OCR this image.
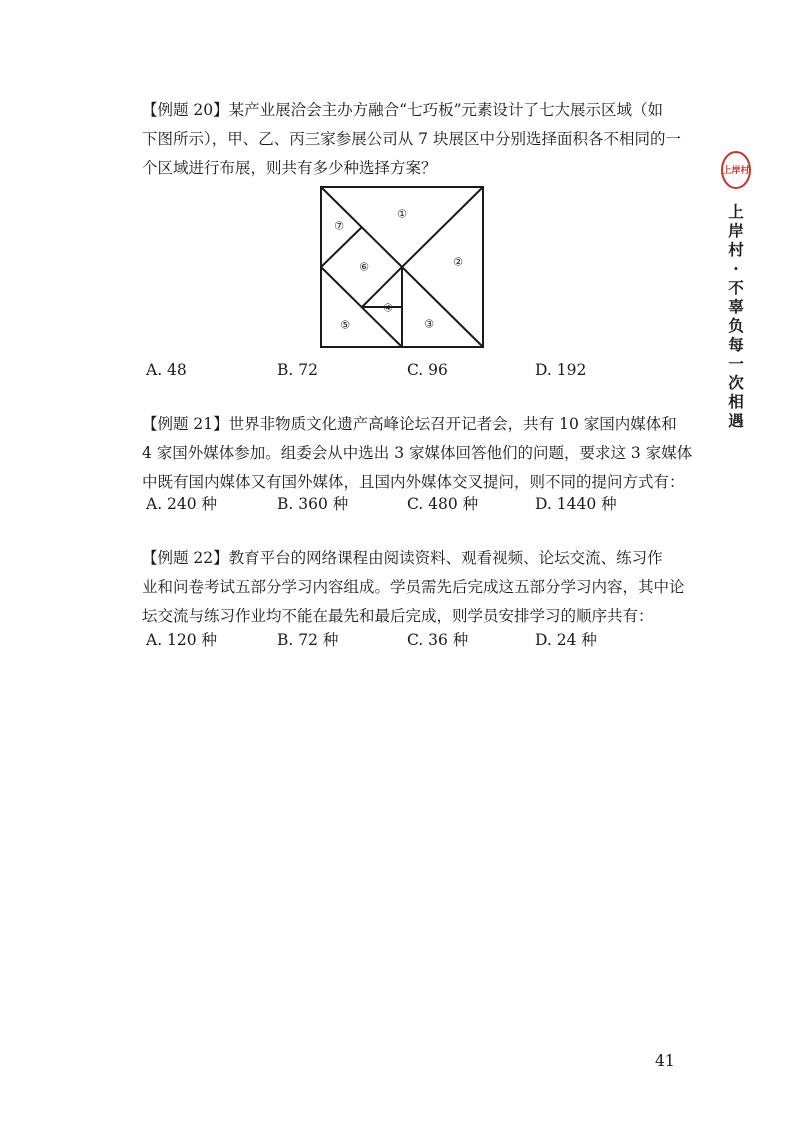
【例题 20】某产业展洽会主办方融合“七巧板”元素设计了七大展示区域（如
下图所示），甲、乙、丙三家参展公司从 7 块展区中分别选择面积各不相同的一
个区域进行布展，则共有多少种选择方案？
①
②
③
④
⑤
⑥
⑦
A. 48	B. 72	C. 96	D. 192
【例题 21】世界非物质文化遗产高峰论坛召开记者会，共有 10 家国内媒体和
4 家国外媒体参加。组委会从中选出 3 家媒体回答他们的问题，要求这 3 家媒体
中既有国内媒体又有国外媒体，且国内外媒体交叉提问，则不同的提问方式有：
A. 240 种	B. 360 种	C. 480 种	D. 1440 种
【例题 22】教育平台的网络课程由阅读资料、观看视频、论坛交流、练习作
业和问卷考试五部分学习内容组成。学员需先后完成这五部分学习内容，其中论
坛交流与练习作业均不能在最先和最后完成，则学员安排学习的顺序共有：
A. 120 种	B. 72 种	C. 36 种	D. 24 种
上岸村
上岸村·不辜负每一次相遇
41
